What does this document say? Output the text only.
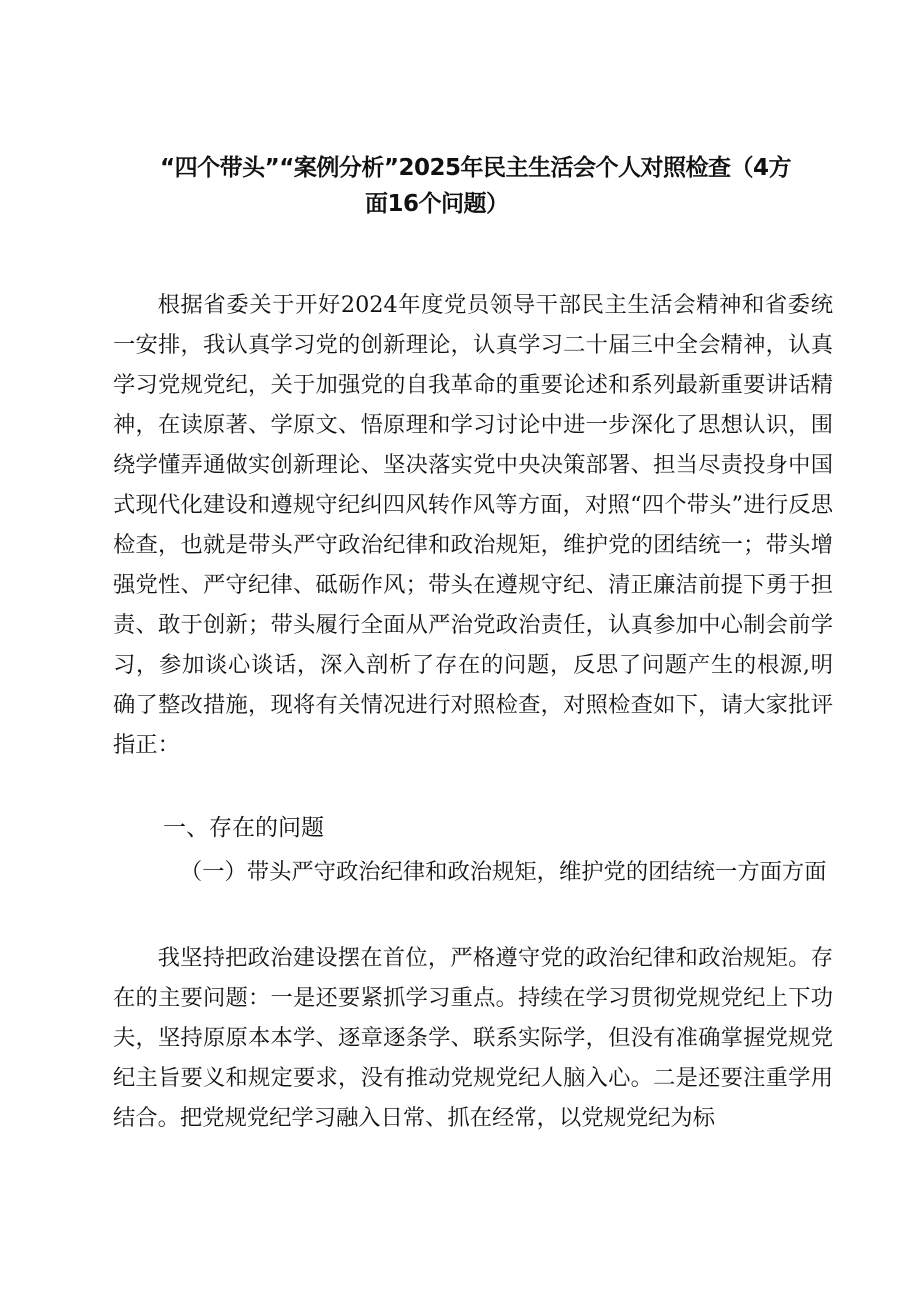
“四个带头”“案例分析”2025年民主生活会个人对照检查（4方
面16个问题）

根据省委关于开好2024年度党员领导干部民主生活会精神和省委统一安排，我认真学习党的创新理论，认真学习二十届三中全会精神，认真学习党规党纪，关于加强党的自我革命的重要论述和系列最新重要讲话精神，在读原著、学原文、悟原理和学习讨论中进一步深化了思想认识，围绕学懂弄通做实创新理论、坚决落实党中央决策部署、担当尽责投身中国式现代化建设和遵规守纪纠四风转作风等方面，对照“四个带头”进行反思检查，也就是带头严守政治纪律和政治规矩，维护党的团结统一；带头增强党性、严守纪律、砥砺作风；带头在遵规守纪、清正廉洁前提下勇于担责、敢于创新；带头履行全面从严治党政治责任，认真参加中心制会前学习，参加谈心谈话，深入剖析了存在的问题，反思了问题产生的根源,明确了整改措施，现将有关情况进行对照检查，对照检查如下，请大家批评指正：

一、存在的问题

（一）带头严守政治纪律和政治规矩，维护党的团结统一方面方面

我坚持把政治建设摆在首位，严格遵守党的政治纪律和政治规矩。存在的主要问题：一是还要紧抓学习重点。持续在学习贯彻党规党纪上下功夫，坚持原原本本学、逐章逐条学、联系实际学，但没有准确掌握党规党纪主旨要义和规定要求，没有推动党规党纪人脑入心。二是还要注重学用结合。把党规党纪学习融入日常、抓在经常，以党规党纪为标
